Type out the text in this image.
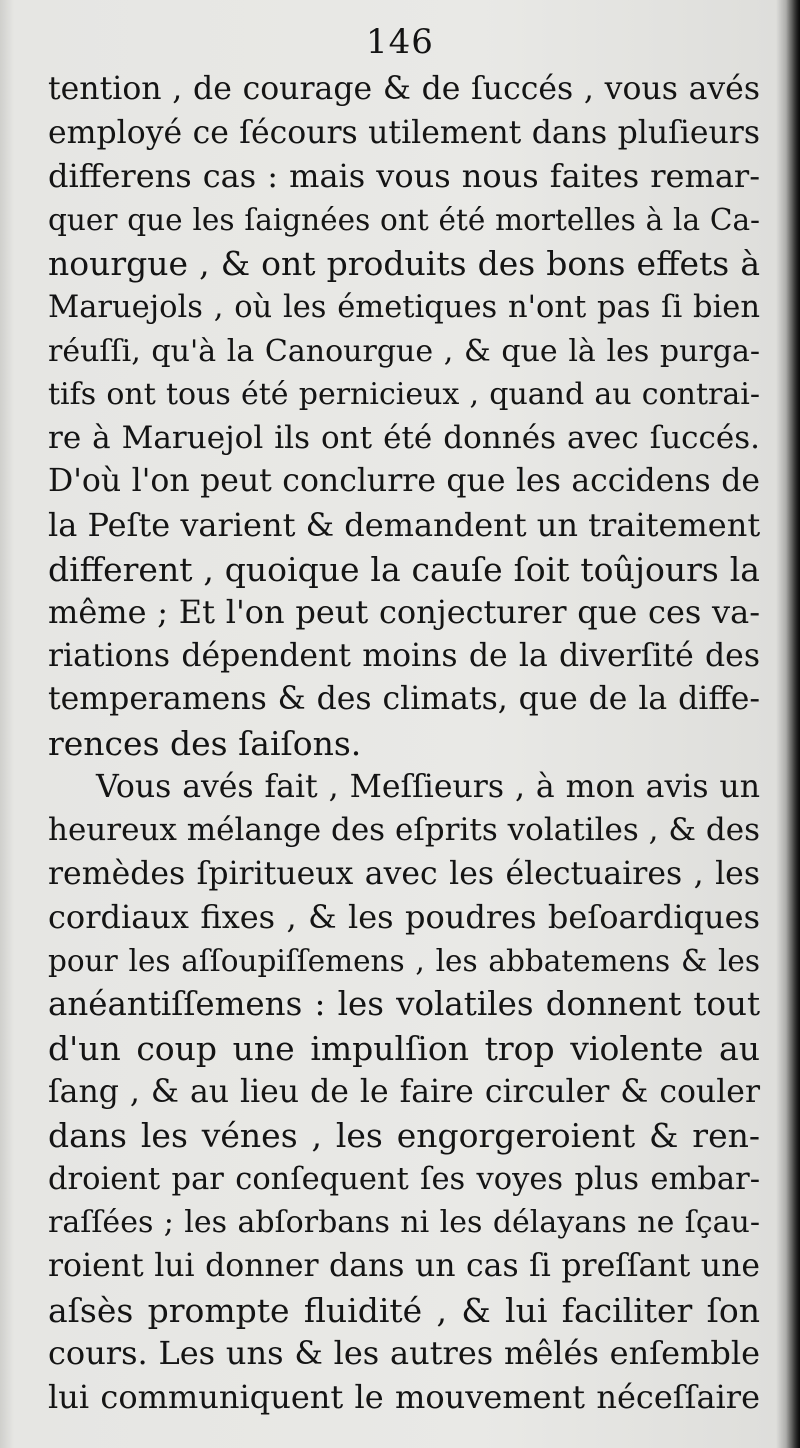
146
tention , de courage & de ſuccés , vous avés
employé ce ſécours utilement dans pluſieurs
differens cas : mais vous nous faites remar-
quer que les ſaignées ont été mortelles à la Ca-
nourgue , & ont produits des bons effets à
Maruejols , où les émetiques n'ont pas ſi bien
réuſſi, qu'à la Canourgue , & que là les purga-
tifs ont tous été pernicieux , quand au contrai-
re à Maruejol ils ont été donnés avec ſuccés.
D'où l'on peut conclurre que les accidens de
la Peſte varient & demandent un traitement
different , quoique la cauſe ſoit toûjours la
même ; Et l'on peut conjecturer que ces va-
riations dépendent moins de la diverſité des
temperamens & des climats, que de la diffe-
rences des ſaiſons.
Vous avés fait , Meſſieurs , à mon avis un
heureux mélange des eſprits volatiles , & des
remèdes ſpiritueux avec les électuaires , les
cordiaux fixes , & les poudres beſoardiques
pour les aſſoupiſſemens , les abbatemens & les
anéantiſſemens : les volatiles donnent tout
d'un coup une impulſion trop violente au
ſang , & au lieu de le faire circuler & couler
dans les vénes , les engorgeroient & ren-
droient par conſequent ſes voyes plus embar-
raſſées ; les abſorbans ni les délayans ne ſçau-
roient lui donner dans un cas ſi preſſant une
aſsès prompte fluidité , & lui faciliter ſon
cours. Les uns & les autres mêlés enſemble
lui communiquent le mouvement néceſſaire
